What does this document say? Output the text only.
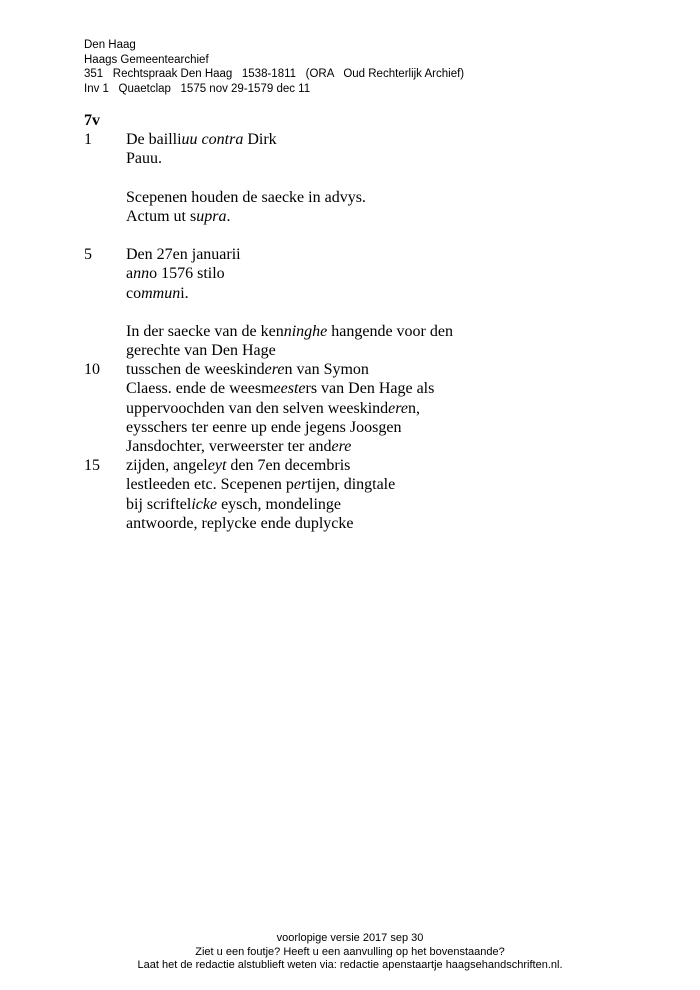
Den Haag
Haags Gemeentearchief
351   Rechtspraak Den Haag   1538-1811   (ORA   Oud Rechterlijk Archief)
Inv 1   Quaetclap   1575 nov 29-1579 dec 11
7v
1	De bailliuu contra Dirk
Pauu.
Scepenen houden de saecke in advys.
Actum ut supra.
5	Den 27en januarii
anno 1576 stilo
communi.
In der saecke van de kenninghe hangende voor den
gerechte van Den Hage
10	tusschen de weeskinderen van Symon
Claess. ende de weesmeesters van Den Hage als
uppervoochden van den selven weeskinderen,
eysschers ter eenre up ende jegens Joosgen
Jansdochter, verweerster ter andere
15	zijden, angeleyt den 7en decembris
lestleeden etc. Scepenen pertijen, dingtale
bij scriftelicke eysch, mondelinge
antwoorde, replycke ende duplycke
voorlopige versie 2017 sep 30
Ziet u een foutje? Heeft u een aanvulling op het bovenstaande?
Laat het de redactie alstublieft weten via: redactie apenstaartje haagsehandschriften.nl.
